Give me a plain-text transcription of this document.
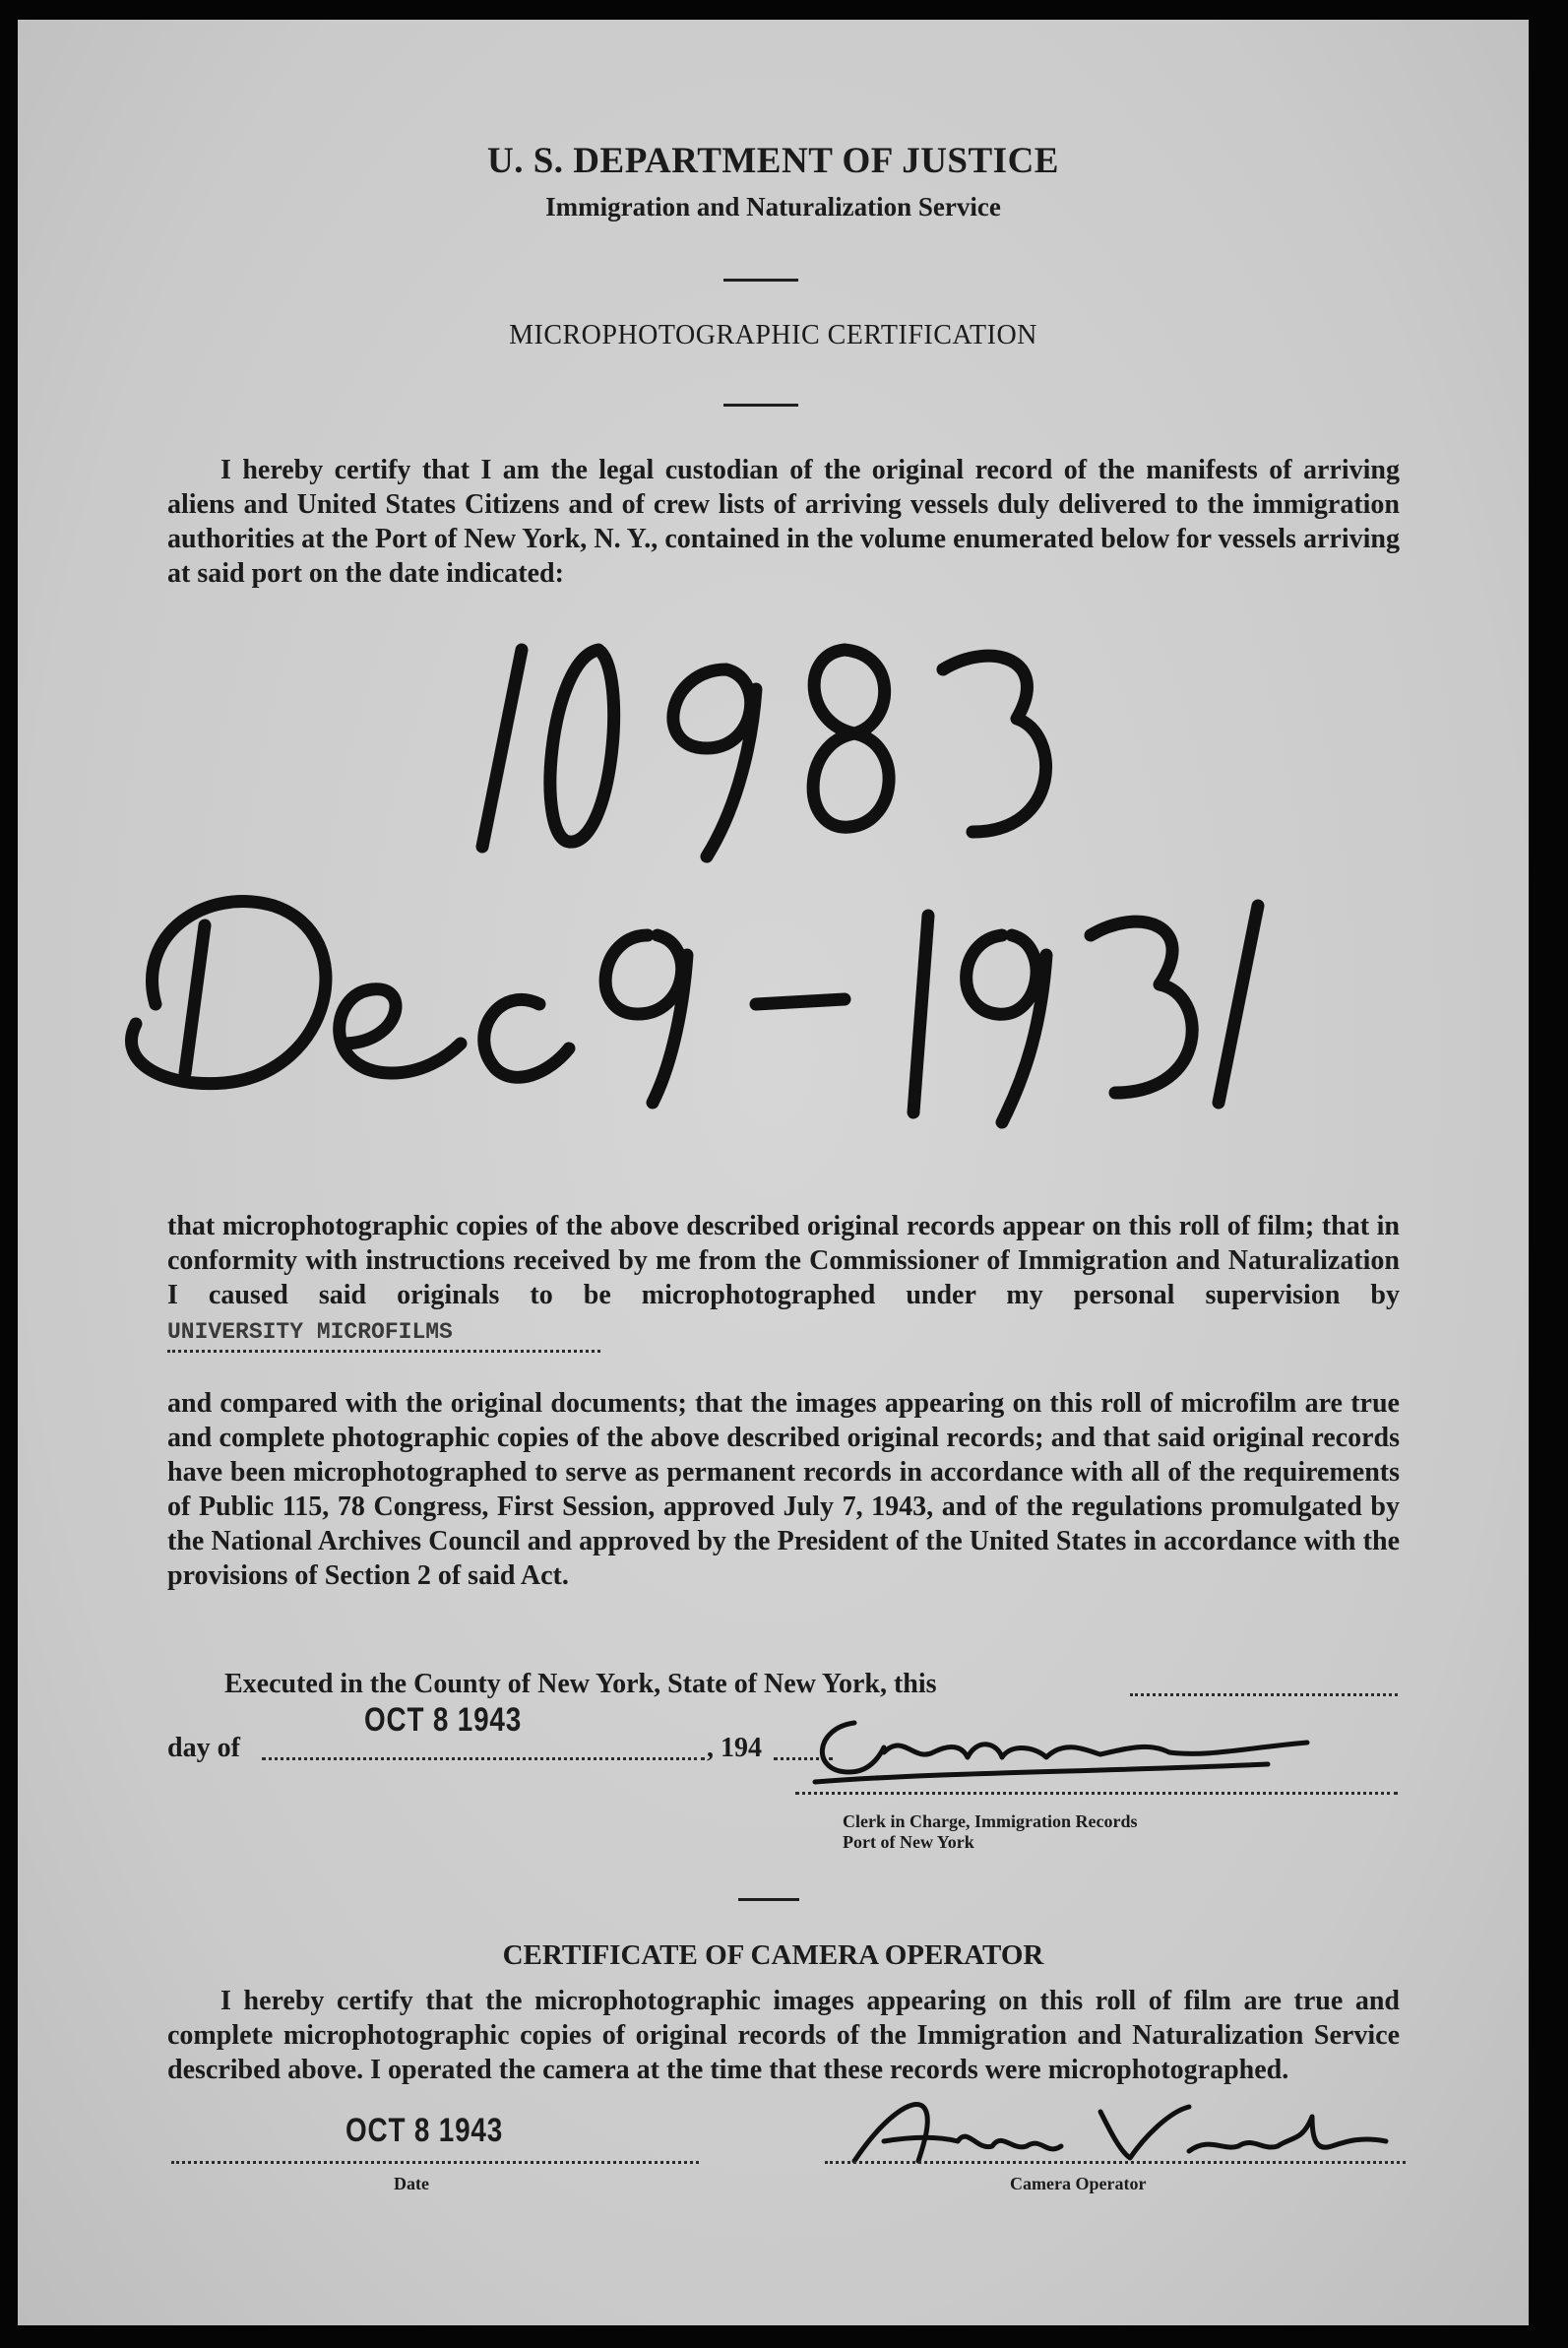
U. S. DEPARTMENT OF JUSTICE
Immigration and Naturalization Service
MICROPHOTOGRAPHIC CERTIFICATION
I hereby certify that I am the legal custodian of the original record of the manifests of arriving aliens and United States Citizens and of crew lists of arriving vessels duly delivered to the immigration authorities at the Port of New York, N. Y., contained in the volume enumerated below for vessels arriving at said port on the date indicated:
that microphotographic copies of the above described original records appear on this roll of film; that in conformity with instructions received by me from the Commissioner of Immigration and Naturalization I caused said originals to be microphotographed under my personal supervision by UNIVERSITY MICROFILMS
and compared with the original documents; that the images appearing on this roll of microfilm are true and complete photographic copies of the above described original records; and that said original records have been microphotographed to serve as permanent records in accordance with all of the requirements of Public 115, 78 Congress, First Session, approved July 7, 1943, and of the regulations promulgated by the National Archives Council and approved by the President of the United States in accordance with the provisions of Section 2 of said Act.
Executed in the County of New York, State of New York, this
day of
OCT 8 1943
, 194
Clerk in Charge, Immigration Records
Port of New York
CERTIFICATE OF CAMERA OPERATOR
I hereby certify that the microphotographic images appearing on this roll of film are true and complete microphotographic copies of original records of the Immigration and Naturalization Service described above. I operated the camera at the time that these records were microphotographed.
OCT 8 1943
Date	Camera Operator
